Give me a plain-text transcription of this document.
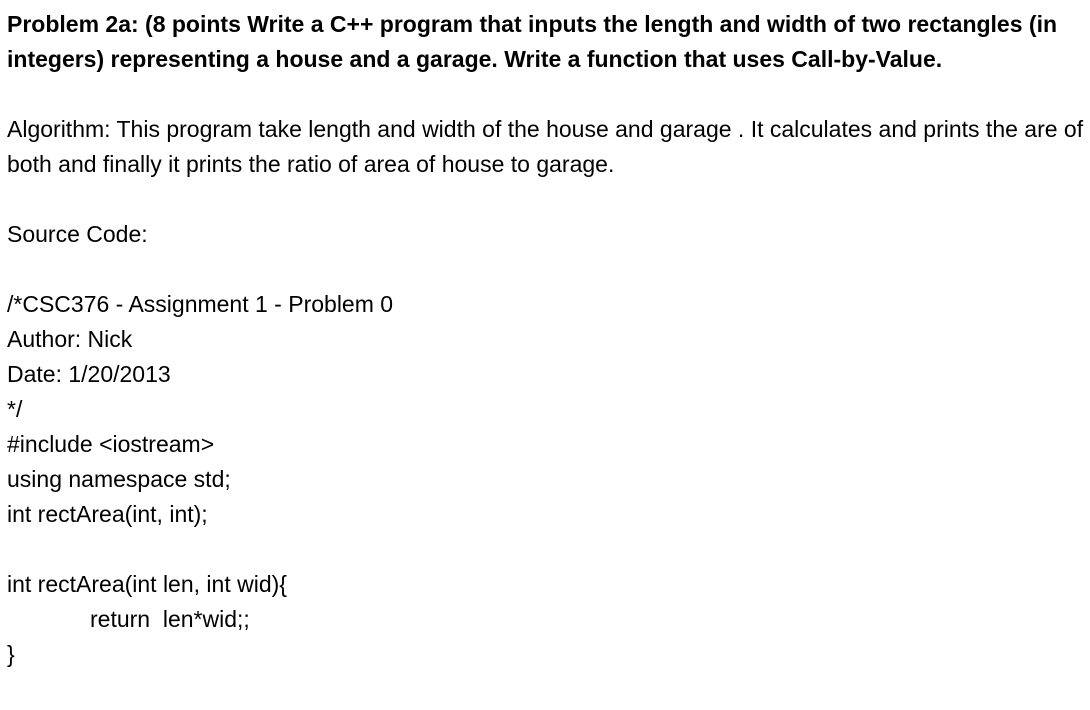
Problem 2a: (8 points Write a C++ program that inputs the length and width of two rectangles (in integers) representing a house and a garage. Write a function that uses Call-by-Value.

Algorithm: This program take length and width of the house and garage . It calculates and prints the are of both and finally it prints the ratio of area of house to garage.

Source Code:

/*CSC376 - Assignment 1 - Problem 0

Author: Nick

Date: 1/20/2013

*/

#include <iostream>

using namespace std;

int rectArea(int, int);

int rectArea(int len, int wid){

return  len*wid;;

}
